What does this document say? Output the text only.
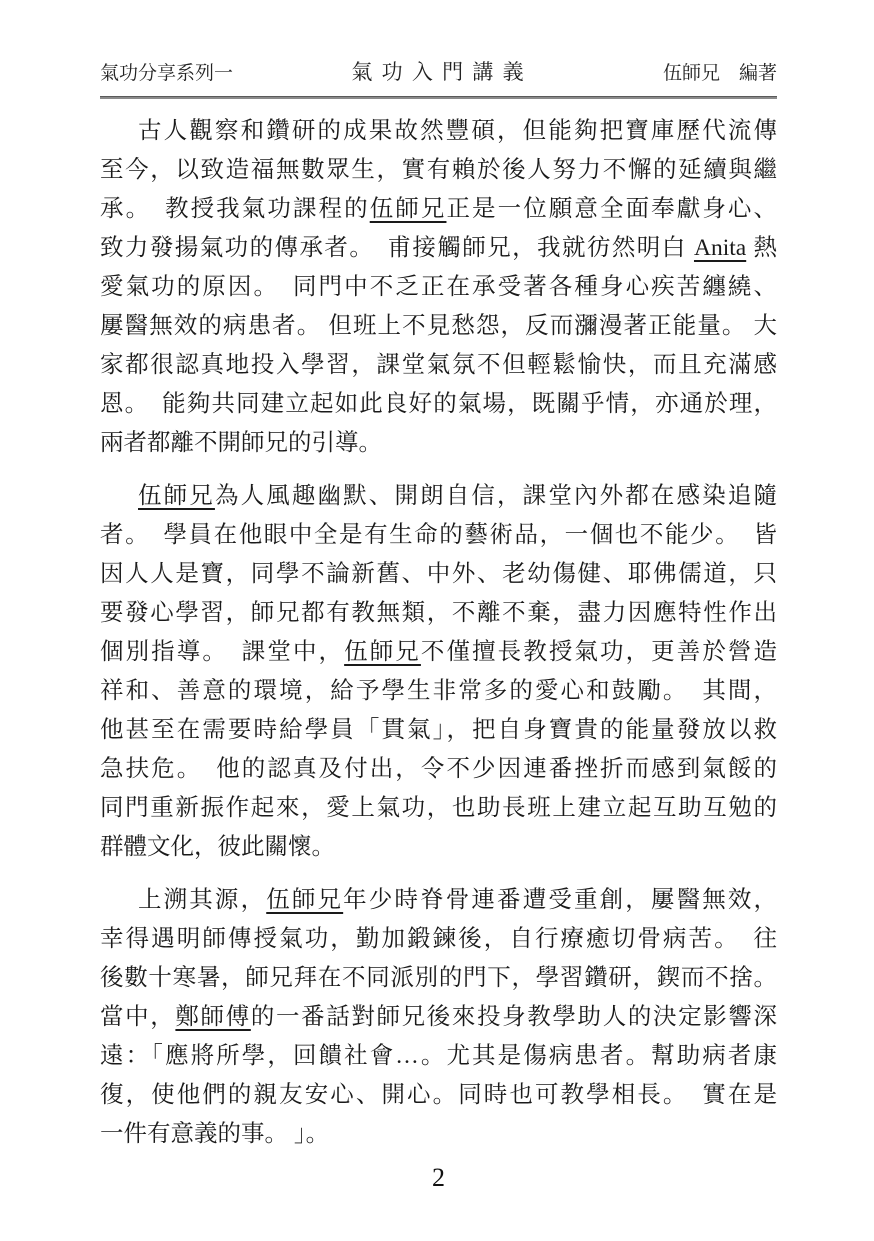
氣功分享系列一	氣 功 入 門 講 義	伍師兄　編著
古人觀察和鑽研的成果故然豐碩，但能夠把寶庫歷代流傳
至今，以致造福無數眾生，實有賴於後人努力不懈的延續與繼
承。　教授我氣功課程的伍師兄正是一位願意全面奉獻身心、
致力發揚氣功的傳承者。　甫接觸師兄，我就彷然明白 Anita 熱
愛氣功的原因。　同門中不乏正在承受著各種身心疾苦纏繞、
屢醫無效的病患者。 但班上不見愁怨，反而瀰漫著正能量。 大
家都很認真地投入學習，課堂氣氛不但輕鬆愉快，而且充滿感
恩。　能夠共同建立起如此良好的氣場，既關乎情，亦通於理，
兩者都離不開師兄的引導。
伍師兄為人風趣幽默、開朗自信，課堂內外都在感染追隨
者。　學員在他眼中全是有生命的藝術品，一個也不能少。　皆
因人人是寶，同學不論新舊、中外、老幼傷健、耶佛儒道，只
要發心學習，師兄都有教無類，不離不棄，盡力因應特性作出
個別指導。　課堂中，伍師兄不僅擅長教授氣功，更善於營造
祥和、善意的環境，給予學生非常多的愛心和鼓勵。　其間，
他甚至在需要時給學員「貫氣」，把自身寶貴的能量發放以救
急扶危。　他的認真及付出，令不少因連番挫折而感到氣餒的
同門重新振作起來，愛上氣功，也助長班上建立起互助互勉的
群體文化，彼此關懷。
上溯其源，伍師兄年少時脊骨連番遭受重創，屢醫無效，
幸得遇明師傳授氣功，勤加鍛鍊後，自行療癒切骨病苦。　往
後數十寒暑，師兄拜在不同派別的門下，學習鑽研，鍥而不捨。
當中，鄭師傅的一番話對師兄後來投身教學助人的決定影響深
遠：「應將所學，回饋社會…。尤其是傷病患者。幫助病者康
復，使他們的親友安心、開心。同時也可教學相長。　實在是
一件有意義的事。 」。
2
